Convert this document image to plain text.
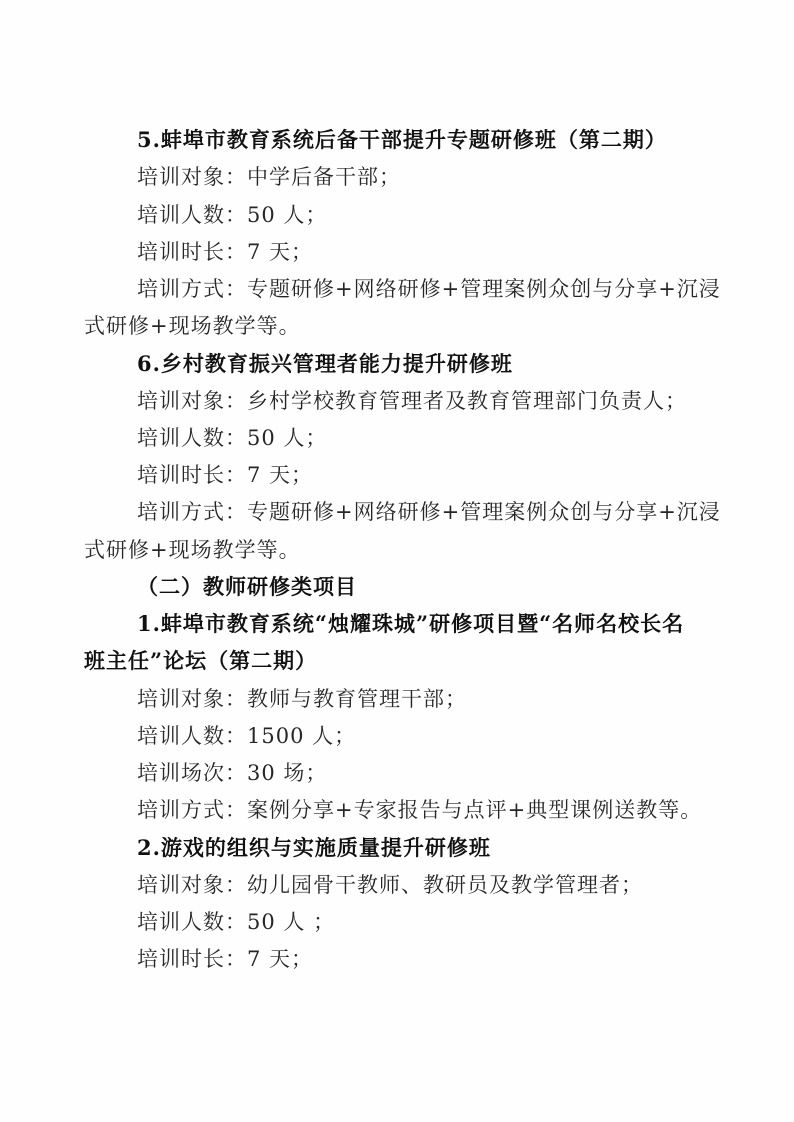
5.蚌埠市教育系统后备干部提升专题研修班（第二期）
培训对象：中学后备干部；
培训人数：50 人；
培训时长：7 天；
培训方式：专题研修+网络研修+管理案例众创与分享+沉浸
式研修+现场教学等。
6.乡村教育振兴管理者能力提升研修班
培训对象：乡村学校教育管理者及教育管理部门负责人；
培训人数：50 人；
培训时长：7 天；
培训方式：专题研修+网络研修+管理案例众创与分享+沉浸
式研修+现场教学等。
（二）教师研修类项目
1.蚌埠市教育系统“烛耀珠城”研修项目暨“名师名校长名
班主任”论坛（第二期）
培训对象：教师与教育管理干部；
培训人数：1500 人；
培训场次：30 场；
培训方式：案例分享+专家报告与点评+典型课例送教等。
2.游戏的组织与实施质量提升研修班
培训对象：幼儿园骨干教师、教研员及教学管理者；
培训人数：50 人 ；
培训时长：7 天；
